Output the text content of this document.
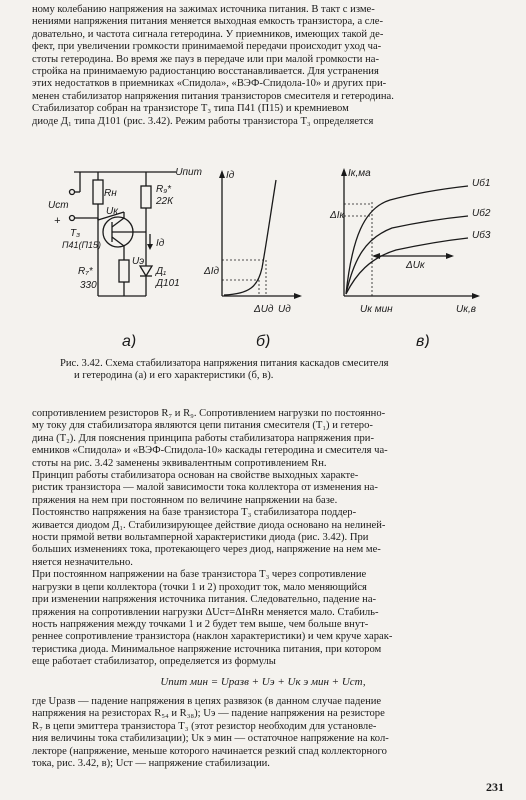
ному колебанию напряжения на зажимах источника питания. В такт с изме-
нениями напряжения питания меняется выходная емкость транзистора, а сле-
довательно, и частота сигнала гетеродина. У приемников, имеющих такой де-
фект, при увеличении громкости принимаемой передачи происходит уход ча-
стоты гетеродина. Во время же пауз в передаче или при малой громкости на-
стройка на принимаемую радиостанцию восстанавливается. Для устранения
этих недостатков в приемниках «Спидола», «ВЭФ-Спидола-10» и других при-
менен стабилизатор напряжения питания транзисторов смесителя и гетеродина.
Стабилизатор собран на транзисторе T₃ типа П41 (П15) и кремниевом
диоде Д₁ типа Д101 (рис. 3.42). Режим работы транзистора T₃ определяется
-Uпит
Uст
+
Rн
Uк
R₉*
22К
T₃
П41(П15)	Iд
R₇*
330
Uэ
Д₁
Д101
Iд
Uд
ΔIд
ΔUд
Iк,ма
Uк,в
ΔIк
ΔUк
Uк мин
Uб1
Uб2
Uб3
а)	б)	в)
Рис. 3.42. Схема стабилизатора напряжения питания каскадов смесителя
и гетеродина (а) и его характеристики (б, в).
сопротивлением резисторов R₇ и R₉. Сопротивлением нагрузки по постоянно-
му току для стабилизатора являются цепи питания смесителя (T₁) и гетеро-
дина (T₂). Для пояснения принципа работы стабилизатора напряжения при-
емников «Спидола» и «ВЭФ-Спидола-10» каскады гетеродина и смесителя ча-
стоты на рис. 3.42 заменены эквивалентным сопротивлением Rн.
Принцип работы стабилизатора основан на свойстве выходных характе-
ристик транзистора — малой зависимости тока коллектора от изменения на-
пряжения на нем при постоянном по величине напряжении на базе.
Постоянство напряжения на базе транзистора T₃ стабилизатора поддер-
живается диодом Д₁. Стабилизирующее действие диода основано на нелиней-
ности прямой ветви вольтамперной характеристики диода (рис. 3.42). При
больших изменениях тока, протекающего через диод, напряжение на нем ме-
няется незначительно.
При постоянном напряжении на базе транзистора T₃ через сопротивление
нагрузки в цепи коллектора (точки 1 и 2) проходит ток, мало меняющийся
при изменении напряжения источника питания. Следовательно, падение на-
пряжения на сопротивлении нагрузки ΔUст=ΔIнRн меняется мало. Стабиль-
ность напряжения между точками 1 и 2 будет тем выше, чем больше внут-
реннее сопротивление транзистора (наклон характеристики) и чем круче харак-
теристика диода. Минимальное напряжение источника питания, при котором
еще работает стабилизатор, определяется из формулы
Uпит мин = Uразв + Uэ + Uк э мин + Uст,
где Uразв — падение напряжения в цепях развязок (в данном случае падение
напряжения на резисторах R₅₄ и R₃₈); Uэ — падение напряжения на резисторе
R₇ в цепи эмиттера транзистора T₃ (этот резистор необходим для установле-
ния величины тока стабилизации); Uк э мин — остаточное напряжение на кол-
лекторе (напряжение, меньше которого начинается резкий спад коллекторного
тока, рис. 3.42, в); Uст — напряжение стабилизации.
231
